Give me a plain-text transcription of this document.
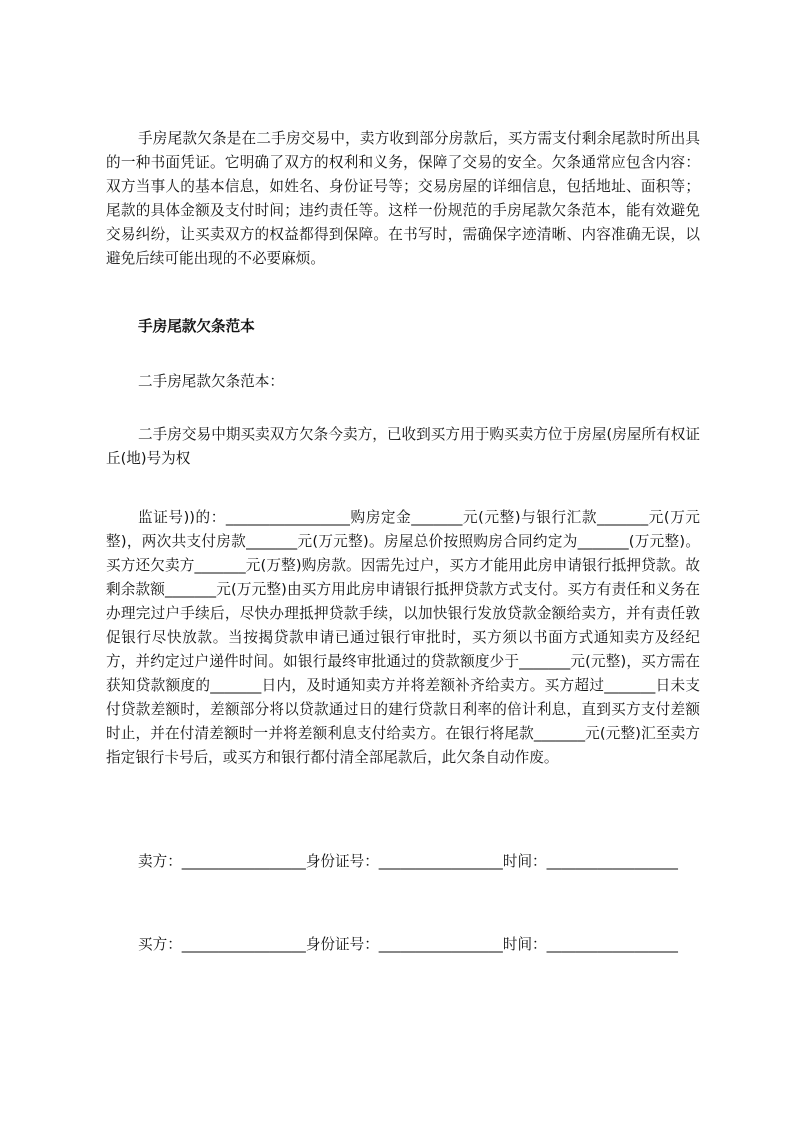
手房尾款欠条是在二手房交易中，卖方收到部分房款后，买方需支付剩余尾款时所出具的一种书面凭证。它明确了双方的权利和义务，保障了交易的安全。欠条通常应包含内容：双方当事人的基本信息，如姓名、身份证号等；交易房屋的详细信息，包括地址、面积等；尾款的具体金额及支付时间；违约责任等。这样一份规范的手房尾款欠条范本，能有效避免交易纠纷，让买卖双方的权益都得到保障。在书写时，需确保字迹清晰、内容准确无误，以避免后续可能出现的不必要麻烦。

手房尾款欠条范本

二手房尾款欠条范本：

二手房交易中期买卖双方欠条今卖方，已收到买方用于购买卖方位于房屋(房屋所有权证丘(地)号为权

监证号))的：_________________购房定金_______元(元整)与银行汇款_______元(万元整)，两次共支付房款_______元(万元整)。房屋总价按照购房合同约定为_______(万元整)。买方还欠卖方_______元(万整)购房款。因需先过户，买方才能用此房申请银行抵押贷款。故剩余款额_______元(万元整)由买方用此房申请银行抵押贷款方式支付。买方有责任和义务在办理完过户手续后，尽快办理抵押贷款手续，以加快银行发放贷款金额给卖方，并有责任敦促银行尽快放款。当按揭贷款申请已通过银行审批时，买方须以书面方式通知卖方及经纪方，并约定过户递件时间。如银行最终审批通过的贷款额度少于_______元(元整)，买方需在获知贷款额度的_______日内，及时通知卖方并将差额补齐给卖方。买方超过_______日未支付贷款差额时，差额部分将以贷款通过日的建行贷款日利率的倍计利息，直到买方支付差额时止，并在付清差额时一并将差额利息支付给卖方。在银行将尾款_______元(元整)汇至卖方指定银行卡号后，或买方和银行都付清全部尾款后，此欠条自动作废。

卖方：_________________身份证号：_________________时间：__________________

买方：_________________身份证号：_________________时间：__________________
